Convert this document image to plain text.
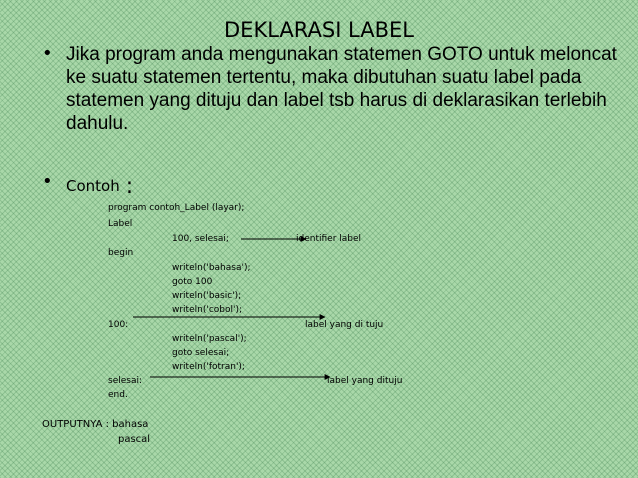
DEKLARASI LABEL
• Jika program anda mengunakan statemen GOTO untuk meloncat ke suatu statemen tertentu, maka dibutuhan suatu label pada statemen yang dituju dan label tsb harus di deklarasikan terlebih dahulu.
• Contoh :
program contoh_Label (layar);
Label
100, selesai;	identifier label
begin
writeln('bahasa');
goto 100
writeln('basic');
writeln('cobol');
100:	label yang di tuju
writeln('pascal');
goto selesai;
writeln('fotran');
selesai:	label yang dituju
end.
OUTPUTNYA : bahasa
pascal
